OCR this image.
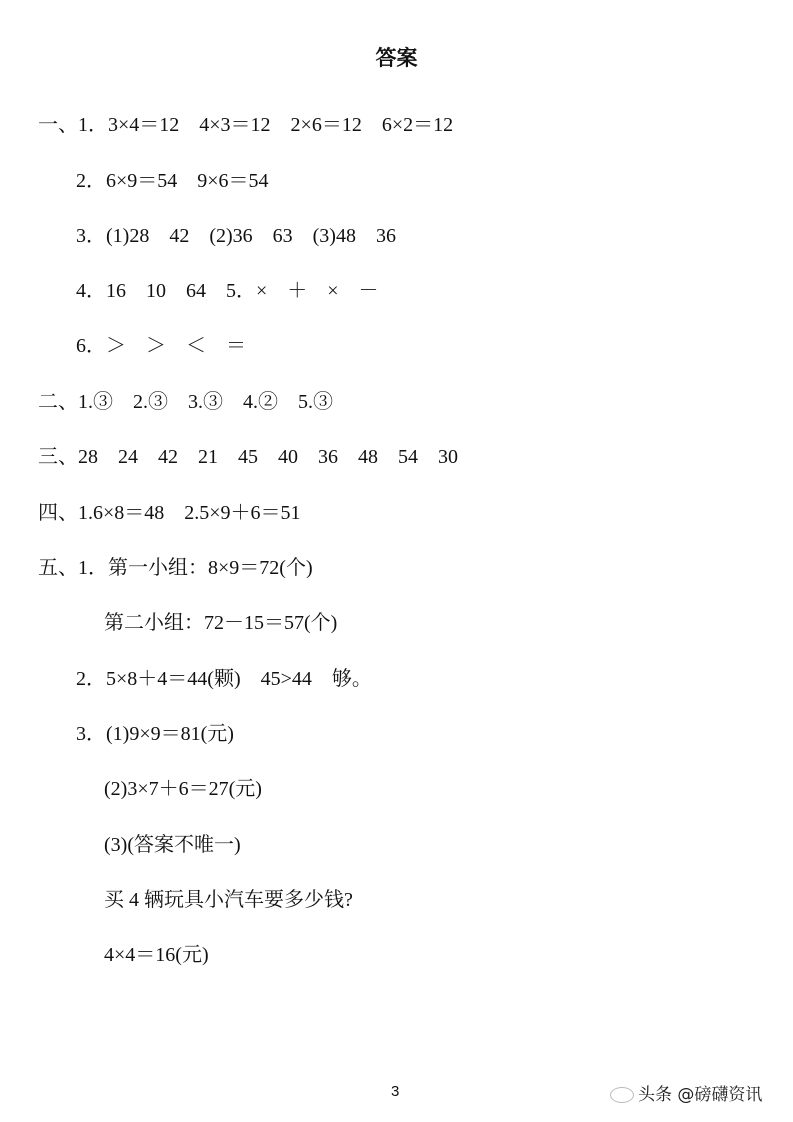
答案
一、1．3×4＝12　4×3＝12　2×6＝12　6×2＝12
2．6×9＝54　9×6＝54
3．(1)28　42　(2)36　63　(3)48　36
4．16　10　64　5．×　＋　×　－
6．＞　＞　＜　＝
二、1.③　2.③　3.③　4.②　5.③
三、28　24　42　21　45　40　36　48　54　30
四、1.6×8＝48　2.5×9＋6＝51
五、1．第一小组：8×9＝72(个)
第二小组：72－15＝57(个)
2．5×8＋4＝44(颗)　45>44　够。
3．(1)9×9＝81(元)
(2)3×7＋6＝27(元)
(3)(答案不唯一)
买 4 辆玩具小汽车要多少钱?
4×4＝16(元)
3	头条 @磅礴资讯
